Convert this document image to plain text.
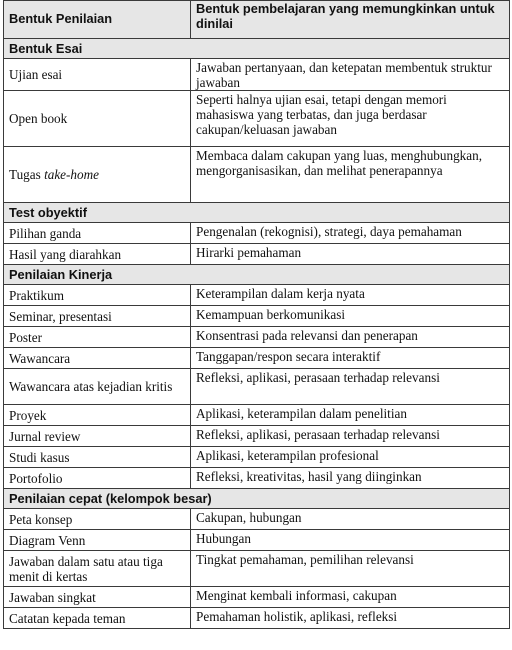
Bentuk Penilaian	Bentuk pembelajaran yang memungkinkan untuk dinilai
Bentuk Esai	
Ujian esai	Jawaban pertanyaan, dan ketepatan membentuk struktur jawaban
Open book	Seperti halnya ujian esai, tetapi dengan memori mahasiswa yang terbatas, dan juga berdasar cakupan/keluasan jawaban
Tugas take-home	Membaca dalam cakupan yang luas, menghubungkan, mengorganisasikan, dan melihat penerapannya
Test obyektif	
Pilihan ganda	Pengenalan (rekognisi), strategi, daya pemahaman
Hasil yang diarahkan	Hirarki pemahaman
Penilaian Kinerja	
Praktikum	Keterampilan dalam kerja nyata
Seminar, presentasi	Kemampuan berkomunikasi
Poster	Konsentrasi pada relevansi dan penerapan
Wawancara	Tanggapan/respon secara interaktif
Wawancara atas kejadian kritis	Refleksi, aplikasi, perasaan terhadap relevansi
Proyek	Aplikasi, keterampilan dalam penelitian
Jurnal review	Refleksi, aplikasi, perasaan terhadap relevansi
Studi kasus	Aplikasi, keterampilan profesional
Portofolio	Refleksi, kreativitas, hasil yang diinginkan
Penilaian cepat (kelompok besar)	
Peta konsep	Cakupan, hubungan
Diagram Venn	Hubungan
Jawaban dalam satu atau tiga menit di kertas	Tingkat pemahaman, pemilihan relevansi
Jawaban singkat	Menginat kembali informasi, cakupan
Catatan kepada teman	Pemahaman holistik, aplikasi, refleksi
